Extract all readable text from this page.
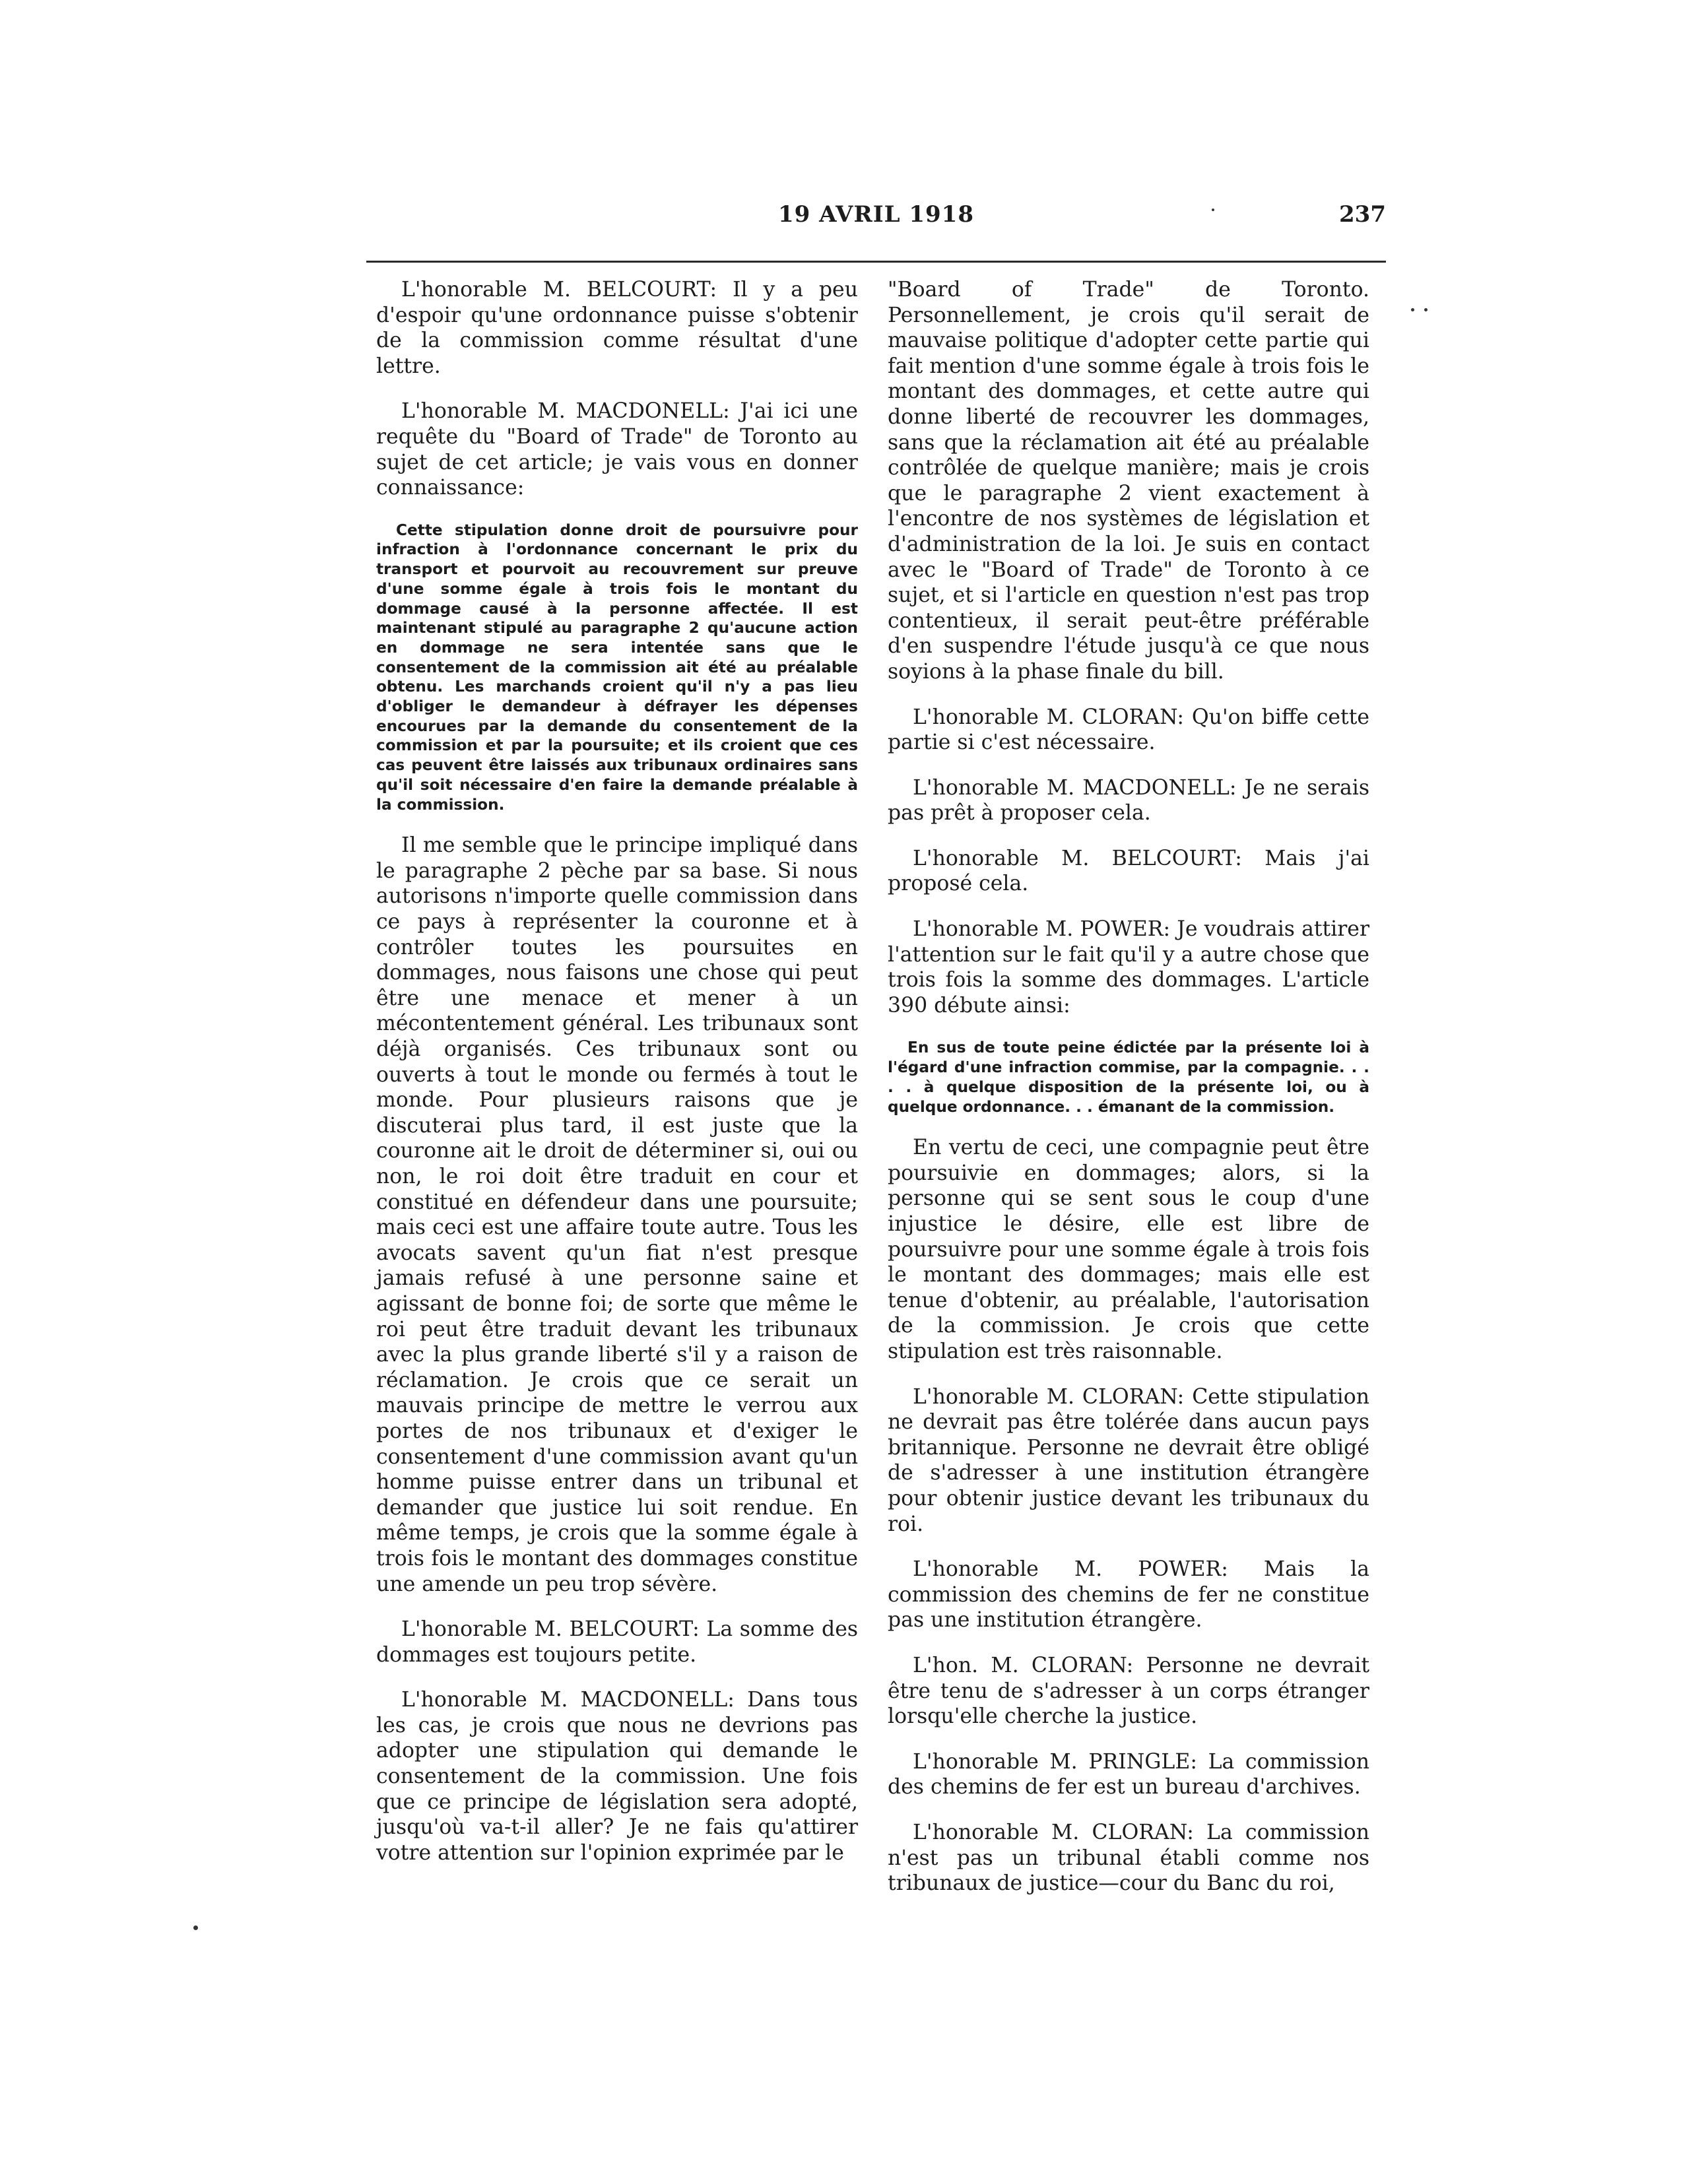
19 AVRIL 1918	237

L'honorable M. BELCOURT: Il y a peu d'espoir qu'une ordonnance puisse s'obtenir de la commission comme résultat d'une lettre.

L'honorable M. MACDONELL: J'ai ici une requête du "Board of Trade" de Toronto au sujet de cet article; je vais vous en donner connaissance:

Cette stipulation donne droit de poursuivre pour infraction à l'ordonnance concernant le prix du transport et pourvoit au recouvrement sur preuve d'une somme égale à trois fois le montant du dommage causé à la personne affectée. Il est maintenant stipulé au paragraphe 2 qu'aucune action en dommage ne sera intentée sans que le consentement de la commission ait été au préalable obtenu. Les marchands croient qu'il n'y a pas lieu d'obliger le demandeur à défrayer les dépenses encourues par la demande du consentement de la commission et par la poursuite; et ils croient que ces cas peuvent être laissés aux tribunaux ordinaires sans qu'il soit nécessaire d'en faire la demande préalable à la commission.

Il me semble que le principe impliqué dans le paragraphe 2 pèche par sa base. Si nous autorisons n'importe quelle commission dans ce pays à représenter la couronne et à contrôler toutes les poursuites en dommages, nous faisons une chose qui peut être une menace et mener à un mécontentement général. Les tribunaux sont déjà organisés. Ces tribunaux sont ou ouverts à tout le monde ou fermés à tout le monde. Pour plusieurs raisons que je discuterai plus tard, il est juste que la couronne ait le droit de déterminer si, oui ou non, le roi doit être traduit en cour et constitué en défendeur dans une poursuite; mais ceci est une affaire toute autre. Tous les avocats savent qu'un fiat n'est presque jamais refusé à une personne saine et agissant de bonne foi; de sorte que même le roi peut être traduit devant les tribunaux avec la plus grande liberté s'il y a raison de réclamation. Je crois que ce serait un mauvais principe de mettre le verrou aux portes de nos tribunaux et d'exiger le consentement d'une commission avant qu'un homme puisse entrer dans un tribunal et demander que justice lui soit rendue. En même temps, je crois que la somme égale à trois fois le montant des dommages constitue une amende un peu trop sévère.

L'honorable M. BELCOURT: La somme des dommages est toujours petite.

L'honorable M. MACDONELL: Dans tous les cas, je crois que nous ne devrions pas adopter une stipulation qui demande le consentement de la commission. Une fois que ce principe de législation sera adopté, jusqu'où va-t-il aller? Je ne fais qu'attirer votre attention sur l'opinion exprimée par le

"Board of Trade" de Toronto. Personnellement, je crois qu'il serait de mauvaise politique d'adopter cette partie qui fait mention d'une somme égale à trois fois le montant des dommages, et cette autre qui donne liberté de recouvrer les dommages, sans que la réclamation ait été au préalable contrôlée de quelque manière; mais je crois que le paragraphe 2 vient exactement à l'encontre de nos systèmes de législation et d'administration de la loi. Je suis en contact avec le "Board of Trade" de Toronto à ce sujet, et si l'article en question n'est pas trop contentieux, il serait peut-être préférable d'en suspendre l'étude jusqu'à ce que nous soyions à la phase finale du bill.

L'honorable M. CLORAN: Qu'on biffe cette partie si c'est nécessaire.

L'honorable M. MACDONELL: Je ne serais pas prêt à proposer cela.

L'honorable M. BELCOURT: Mais j'ai proposé cela.

L'honorable M. POWER: Je voudrais attirer l'attention sur le fait qu'il y a autre chose que trois fois la somme des dommages. L'article 390 débute ainsi:

En sus de toute peine édictée par la présente loi à l'égard d'une infraction commise, par la compagnie. . . . . à quelque disposition de la présente loi, ou à quelque ordonnance. . . émanant de la commission.

En vertu de ceci, une compagnie peut être poursuivie en dommages; alors, si la personne qui se sent sous le coup d'une injustice le désire, elle est libre de poursuivre pour une somme égale à trois fois le montant des dommages; mais elle est tenue d'obtenir, au préalable, l'autorisation de la commission. Je crois que cette stipulation est très raisonnable.

L'honorable M. CLORAN: Cette stipulation ne devrait pas être tolérée dans aucun pays britannique. Personne ne devrait être obligé de s'adresser à une institution étrangère pour obtenir justice devant les tribunaux du roi.

L'honorable M. POWER: Mais la commission des chemins de fer ne constitue pas une institution étrangère.

L'hon. M. CLORAN: Personne ne devrait être tenu de s'adresser à un corps étranger lorsqu'elle cherche la justice.

L'honorable M. PRINGLE: La commission des chemins de fer est un bureau d'archives.

L'honorable M. CLORAN: La commission n'est pas un tribunal établi comme nos tribunaux de justice—cour du Banc du roi,
